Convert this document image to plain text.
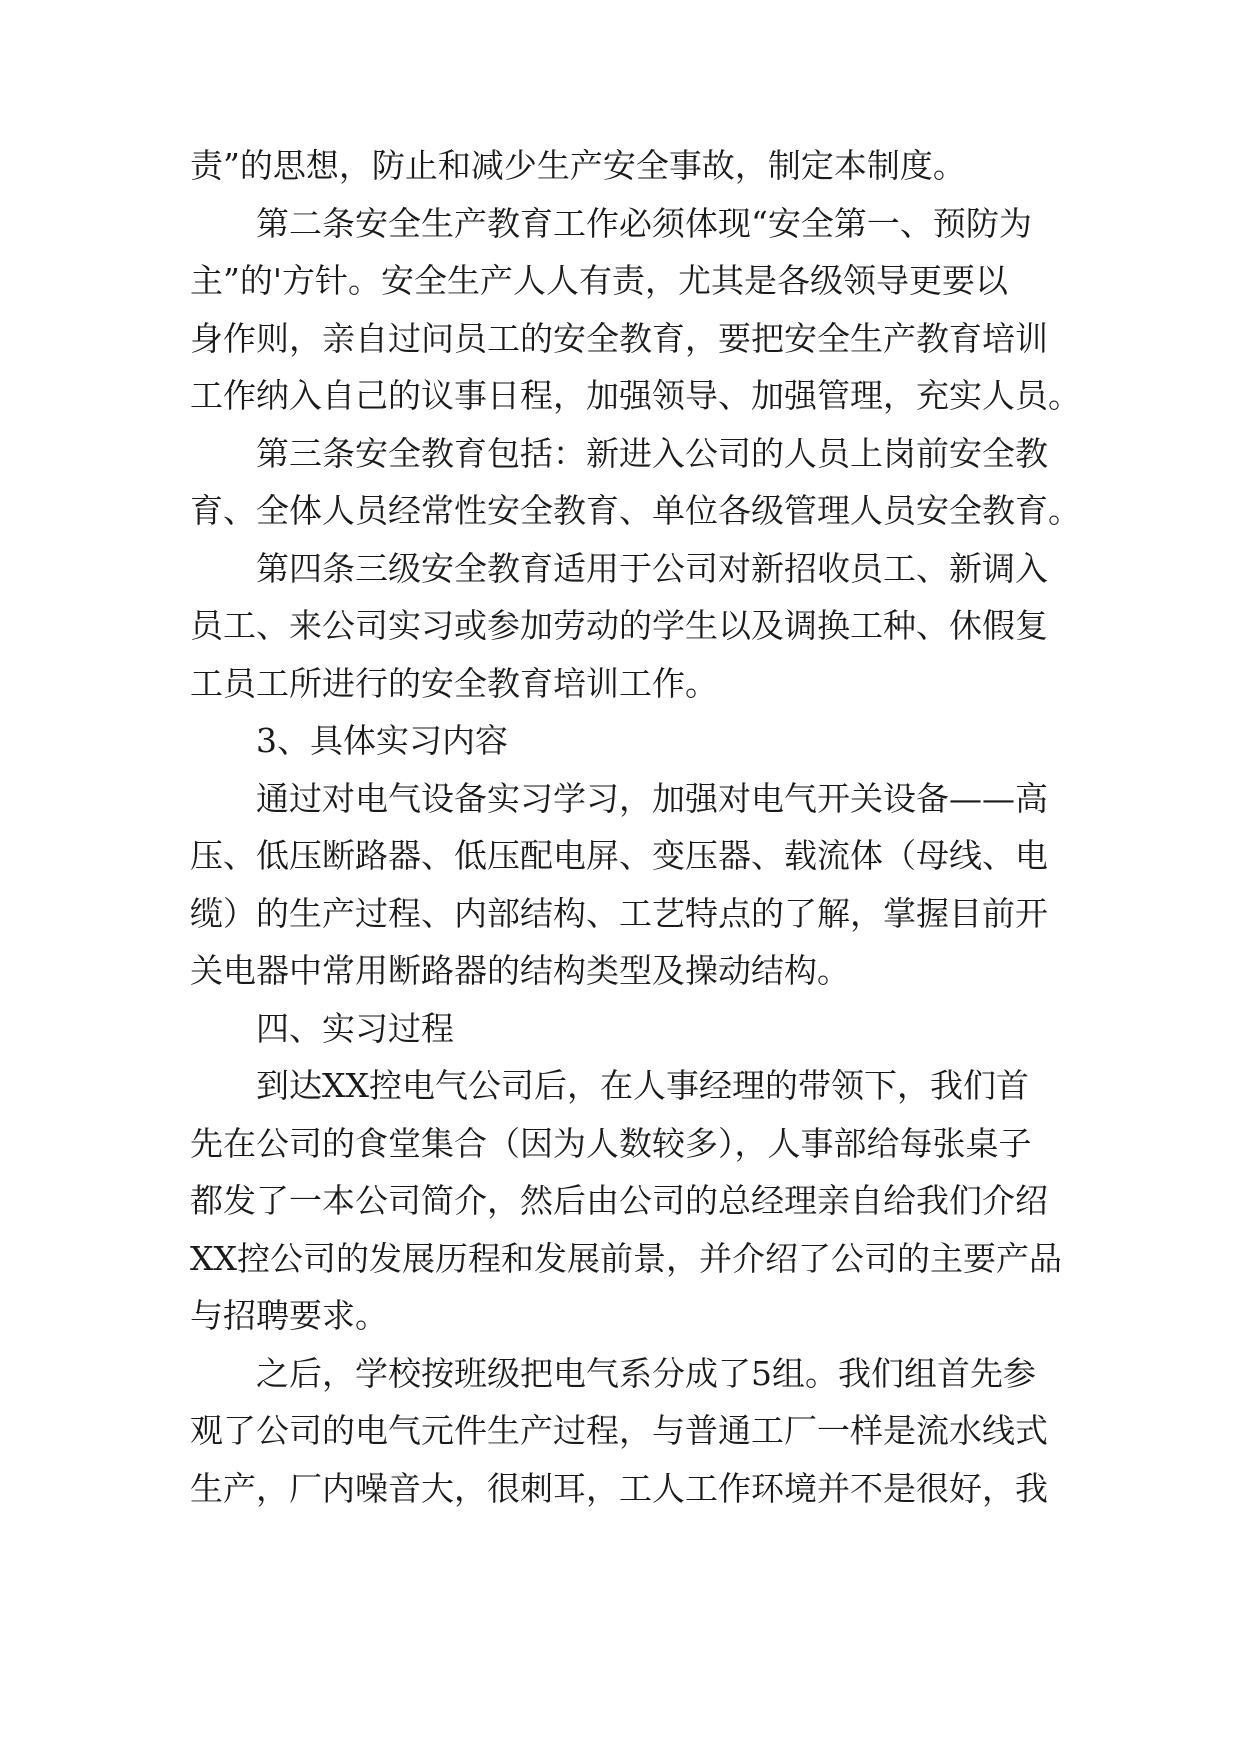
责”的思想，防止和减少生产安全事故，制定本制度。
第二条安全生产教育工作必须体现“安全第一、预防为
主”的'方针。安全生产人人有责，尤其是各级领导更要以
身作则，亲自过问员工的安全教育，要把安全生产教育培训
工作纳入自己的议事日程，加强领导、加强管理，充实人员。
第三条安全教育包括：新进入公司的人员上岗前安全教
育、全体人员经常性安全教育、单位各级管理人员安全教育。
第四条三级安全教育适用于公司对新招收员工、新调入
员工、来公司实习或参加劳动的学生以及调换工种、休假复
工员工所进行的安全教育培训工作。
3、具体实习内容
通过对电气设备实习学习，加强对电气开关设备——高
压、低压断路器、低压配电屏、变压器、载流体（母线、电
缆）的生产过程、内部结构、工艺特点的了解，掌握目前开
关电器中常用断路器的结构类型及操动结构。
四、实习过程
到达XX控电气公司后，在人事经理的带领下，我们首
先在公司的食堂集合（因为人数较多），人事部给每张桌子
都发了一本公司简介，然后由公司的总经理亲自给我们介绍
XX控公司的发展历程和发展前景，并介绍了公司的主要产品
与招聘要求。
之后，学校按班级把电气系分成了5组。我们组首先参
观了公司的电气元件生产过程，与普通工厂一样是流水线式
生产，厂内噪音大，很刺耳，工人工作环境并不是很好，我
